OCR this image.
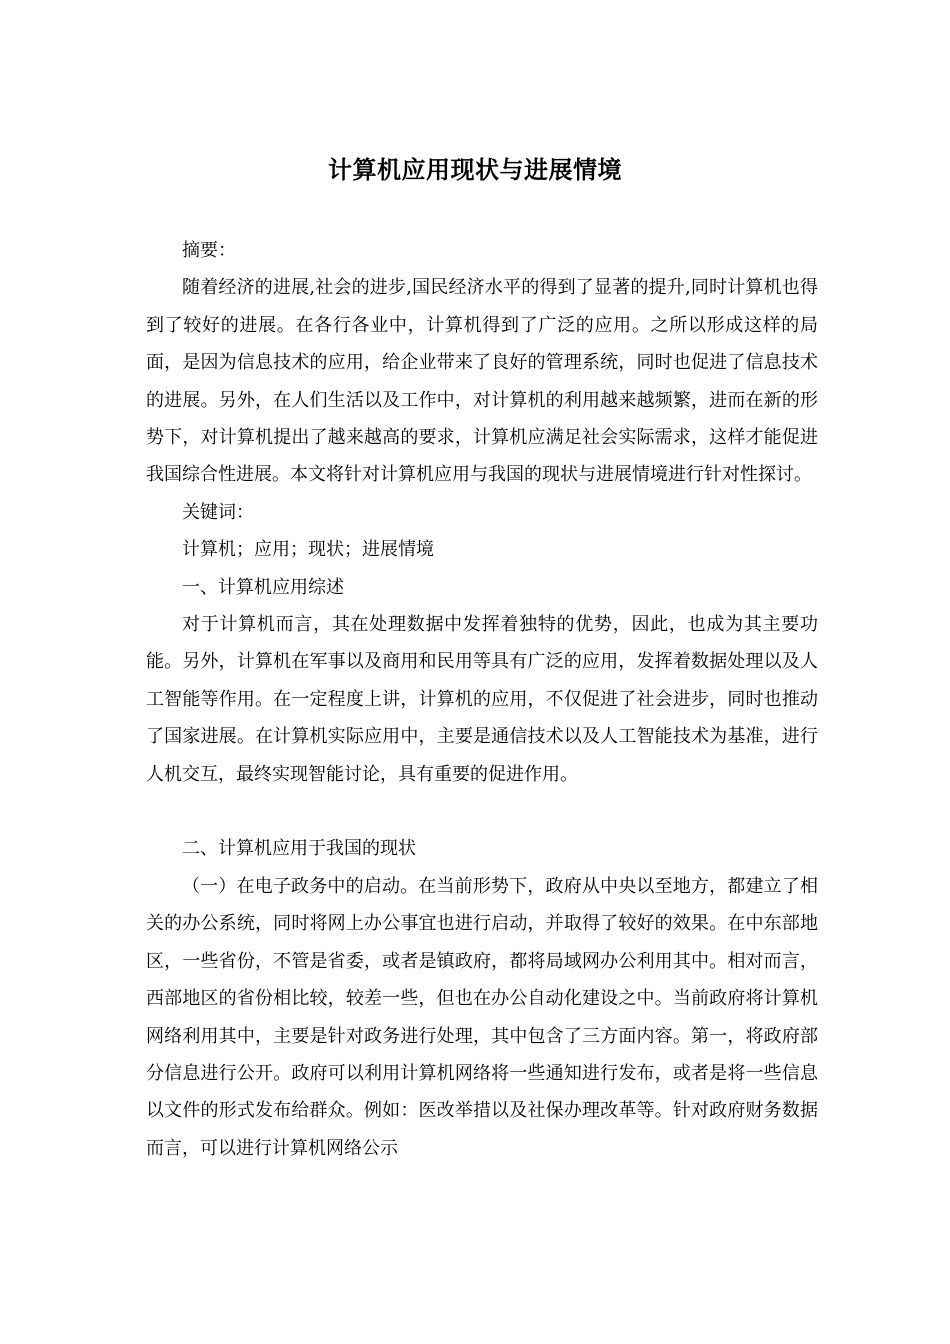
计算机应用现状与进展情境

摘要：

随着经济的进展,社会的进步,国民经济水平的得到了显著的提升,同时计算机也得到了较好的进展。在各行各业中，计算机得到了广泛的应用。之所以形成这样的局面，是因为信息技术的应用，给企业带来了良好的管理系统，同时也促进了信息技术的进展。另外，在人们生活以及工作中，对计算机的利用越来越频繁，进而在新的形势下，对计算机提出了越来越高的要求，计算机应满足社会实际需求，这样才能促进我国综合性进展。本文将针对计算机应用与我国的现状与进展情境进行针对性探讨。

关键词：

计算机；应用；现状；进展情境

一、计算机应用综述

对于计算机而言，其在处理数据中发挥着独特的优势，因此，也成为其主要功能。另外，计算机在军事以及商用和民用等具有广泛的应用，发挥着数据处理以及人工智能等作用。在一定程度上讲，计算机的应用，不仅促进了社会进步，同时也推动了国家进展。在计算机实际应用中，主要是通信技术以及人工智能技术为基准，进行人机交互，最终实现智能讨论，具有重要的促进作用。

二、计算机应用于我国的现状

（一）在电子政务中的启动。在当前形势下，政府从中央以至地方，都建立了相关的办公系统，同时将网上办公事宜也进行启动，并取得了较好的效果。在中东部地区，一些省份，不管是省委，或者是镇政府，都将局域网办公利用其中。相对而言，西部地区的省份相比较，较差一些，但也在办公自动化建设之中。当前政府将计算机网络利用其中，主要是针对政务进行处理，其中包含了三方面内容。第一，将政府部分信息进行公开。政府可以利用计算机网络将一些通知进行发布，或者是将一些信息以文件的形式发布给群众。例如：医改举措以及社保办理改革等。针对政府财务数据而言，可以进行计算机网络公示
